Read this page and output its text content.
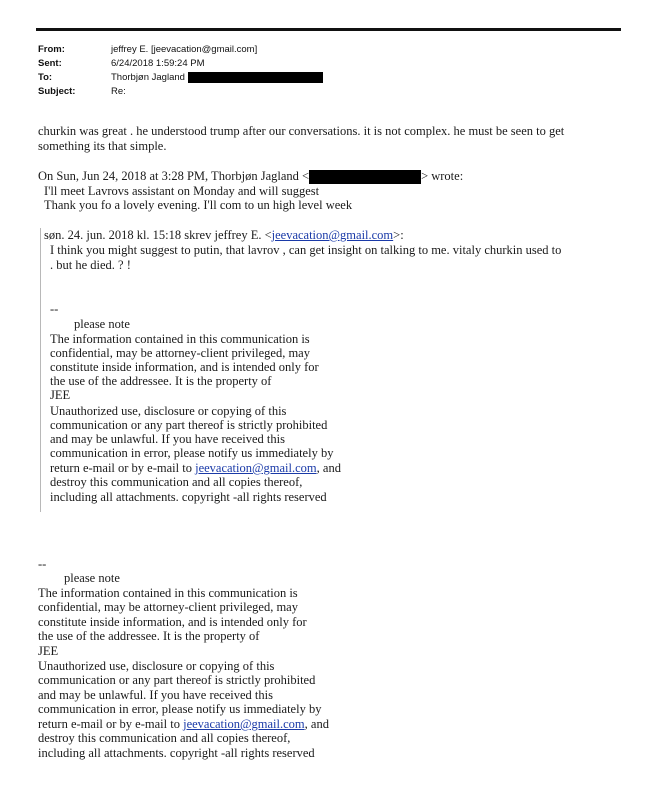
From:	jeffrey E. [jeevacation@gmail.com]
Sent:	6/24/2018 1:59:24 PM
To:	Thorbjøn Jagland
Subject:	Re:
churkin was great . he understood trump after our conversations. it is not complex. he must be seen to get
something its that simple.
On Sun, Jun 24, 2018 at 3:28 PM, Thorbjøn Jagland <	> wrote:
I'll meet Lavrovs assistant on Monday and will suggest
Thank you fo a lovely evening. I'll com to un high level week
søn. 24. jun. 2018 kl. 15:18 skrev jeffrey E. <jeevacation@gmail.com>:
I think you might suggest to putin, that lavrov , can get insight on talking to me. vitaly churkin used to
. but he died. ? !
--
please note
The information contained in this communication is
confidential, may be attorney-client privileged, may
constitute inside information, and is intended only for
the use of the addressee. It is the property of
JEE
Unauthorized use, disclosure or copying of this
communication or any part thereof is strictly prohibited
and may be unlawful. If you have received this
communication in error, please notify us immediately by
return e-mail or by e-mail to jeevacation@gmail.com, and
destroy this communication and all copies thereof,
including all attachments. copyright -all rights reserved
--
please note
The information contained in this communication is
confidential, may be attorney-client privileged, may
constitute inside information, and is intended only for
the use of the addressee. It is the property of
JEE
Unauthorized use, disclosure or copying of this
communication or any part thereof is strictly prohibited
and may be unlawful. If you have received this
communication in error, please notify us immediately by
return e-mail or by e-mail to jeevacation@gmail.com, and
destroy this communication and all copies thereof,
including all attachments. copyright -all rights reserved
